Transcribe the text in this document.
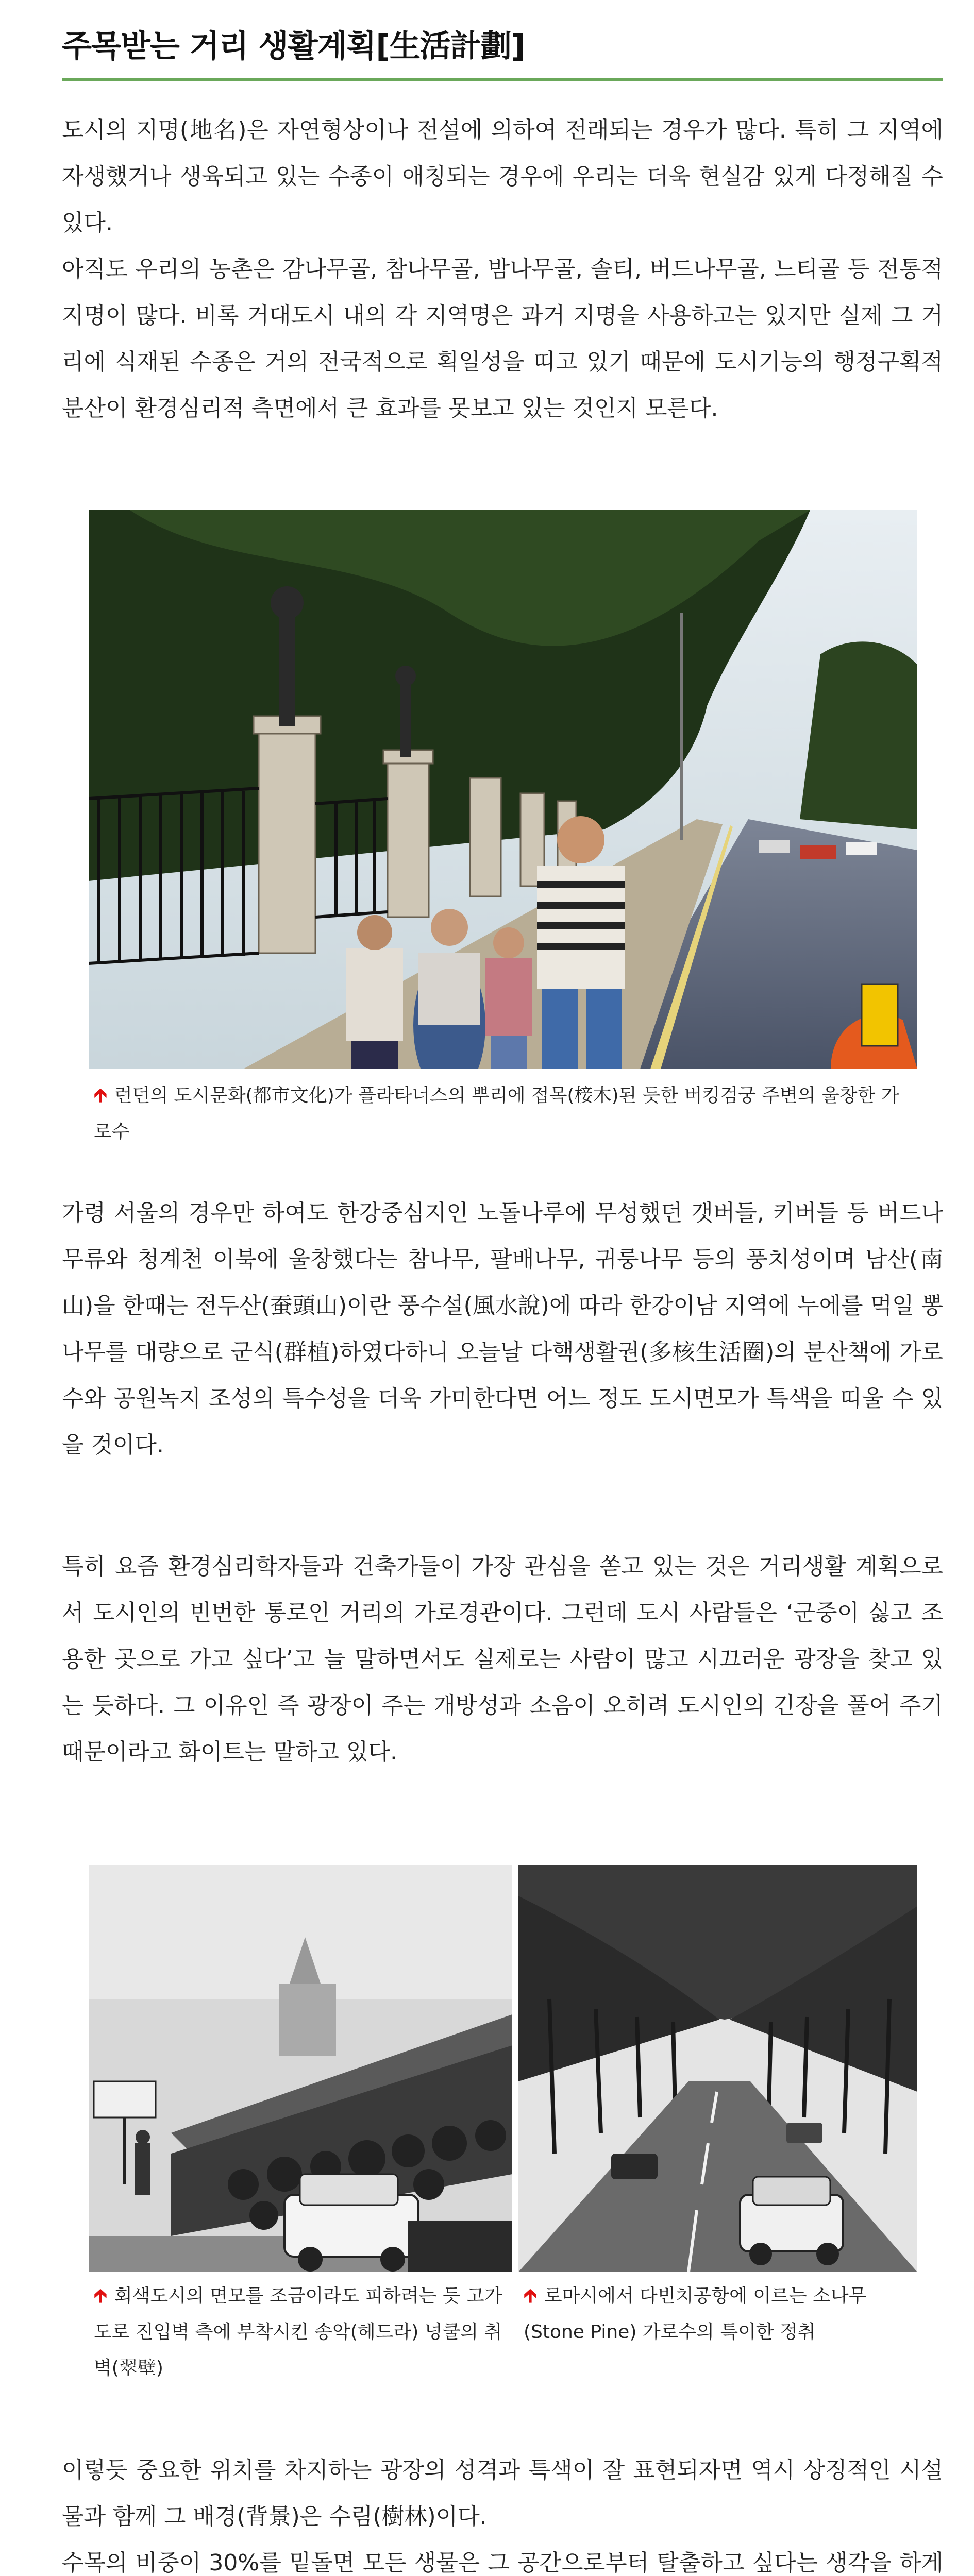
주목받는 거리 생활계획[生活計劃]

도시의 지명(地名)은 자연형상이나 전설에 의하여 전래되는 경우가 많다. 특히 그 지역에 자생했거나 생육되고 있는 수종이 애칭되는 경우에 우리는 더욱 현실감 있게 다정해질 수 있다.

아직도 우리의 농촌은 감나무골, 참나무골, 밤나무골, 솔티, 버드나무골, 느티골 등 전통적 지명이 많다. 비록 거대도시 내의 각 지역명은 과거 지명을 사용하고는 있지만 실제 그 거리에 식재된 수종은 거의 전국적으로 획일성을 띠고 있기 때문에 도시기능의 행정구획적 분산이 환경심리적 측면에서 큰 효과를 못보고 있는 것인지 모른다.

🡱 런던의 도시문화(都市文化)가 플라타너스의 뿌리에 접목(椄木)된 듯한 버킹검궁 주변의 울창한 가로수

가령 서울의 경우만 하여도 한강중심지인 노돌나루에 무성했던 갯버들, 키버들 등 버드나무류와 청계천 이북에 울창했다는 참나무, 팔배나무, 귀룽나무 등의 풍치성이며 남산(南山)을 한때는 전두산(蚕頭山)이란 풍수설(風水說)에 따라 한강이남 지역에 누에를 먹일 뽕나무를 대량으로 군식(群植)하였다하니 오늘날 다핵생활권(多核生活圈)의 분산책에 가로수와 공원녹지 조성의 특수성을 더욱 가미한다면 어느 정도 도시면모가 특색을 띠울 수 있을 것이다.

특히 요즘 환경심리학자들과 건축가들이 가장 관심을 쏟고 있는 것은 거리생활 계획으로서 도시인의 빈번한 통로인 거리의 가로경관이다. 그런데 도시 사람들은 ‘군중이 싫고 조용한 곳으로 가고 싶다’고 늘 말하면서도 실제로는 사람이 많고 시끄러운 광장을 찾고 있는 듯하다. 그 이유인 즉 광장이 주는 개방성과 소음이 오히려 도시인의 긴장을 풀어 주기 때문이라고 화이트는 말하고 있다.

🡱 회색도시의 면모를 조금이라도 피하려는 듯 고가도로 진입벽 측에 부착시킨 송악(헤드라) 넝쿨의 취벽(翠壁)

🡱 로마시에서 다빈치공항에 이르는 소나무(Stone Pine) 가로수의 특이한 정취

이렇듯 중요한 위치를 차지하는 광장의 성격과 특색이 잘 표현되자면 역시 상징적인 시설물과 함께 그 배경(背景)은 수림(樹林)이다.

수목의 비중이 30%를 밑돌면 모든 생물은 그 공간으로부터 탈출하고 싶다는 생각을 하게
